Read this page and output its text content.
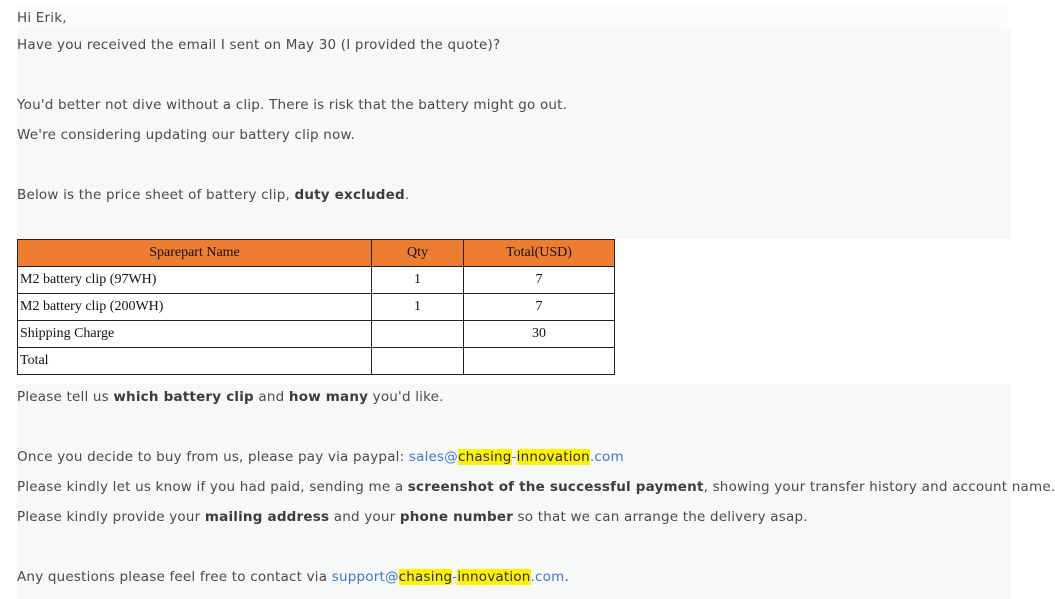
Hi Erik,
Have you received the email I sent on May 30 (I provided the quote)?
You'd better not dive without a clip. There is risk that the battery might go out.
We're considering updating our battery clip now.
Below is the price sheet of battery clip, duty excluded.
Sparepart Name	Qty	Total(USD)
M2 battery clip (97WH)	1	7
M2 battery clip (200WH)	1	7
Shipping Charge		30
Total		
Please tell us which battery clip and how many you'd like.
Once you decide to buy from us, please pay via paypal: sales@chasing-innovation.com
Please kindly let us know if you had paid, sending me a screenshot of the successful payment, showing your transfer history and account name.
Please kindly provide your mailing address and your phone number so that we can arrange the delivery asap.
Any questions please feel free to contact via support@chasing-innovation.com.
